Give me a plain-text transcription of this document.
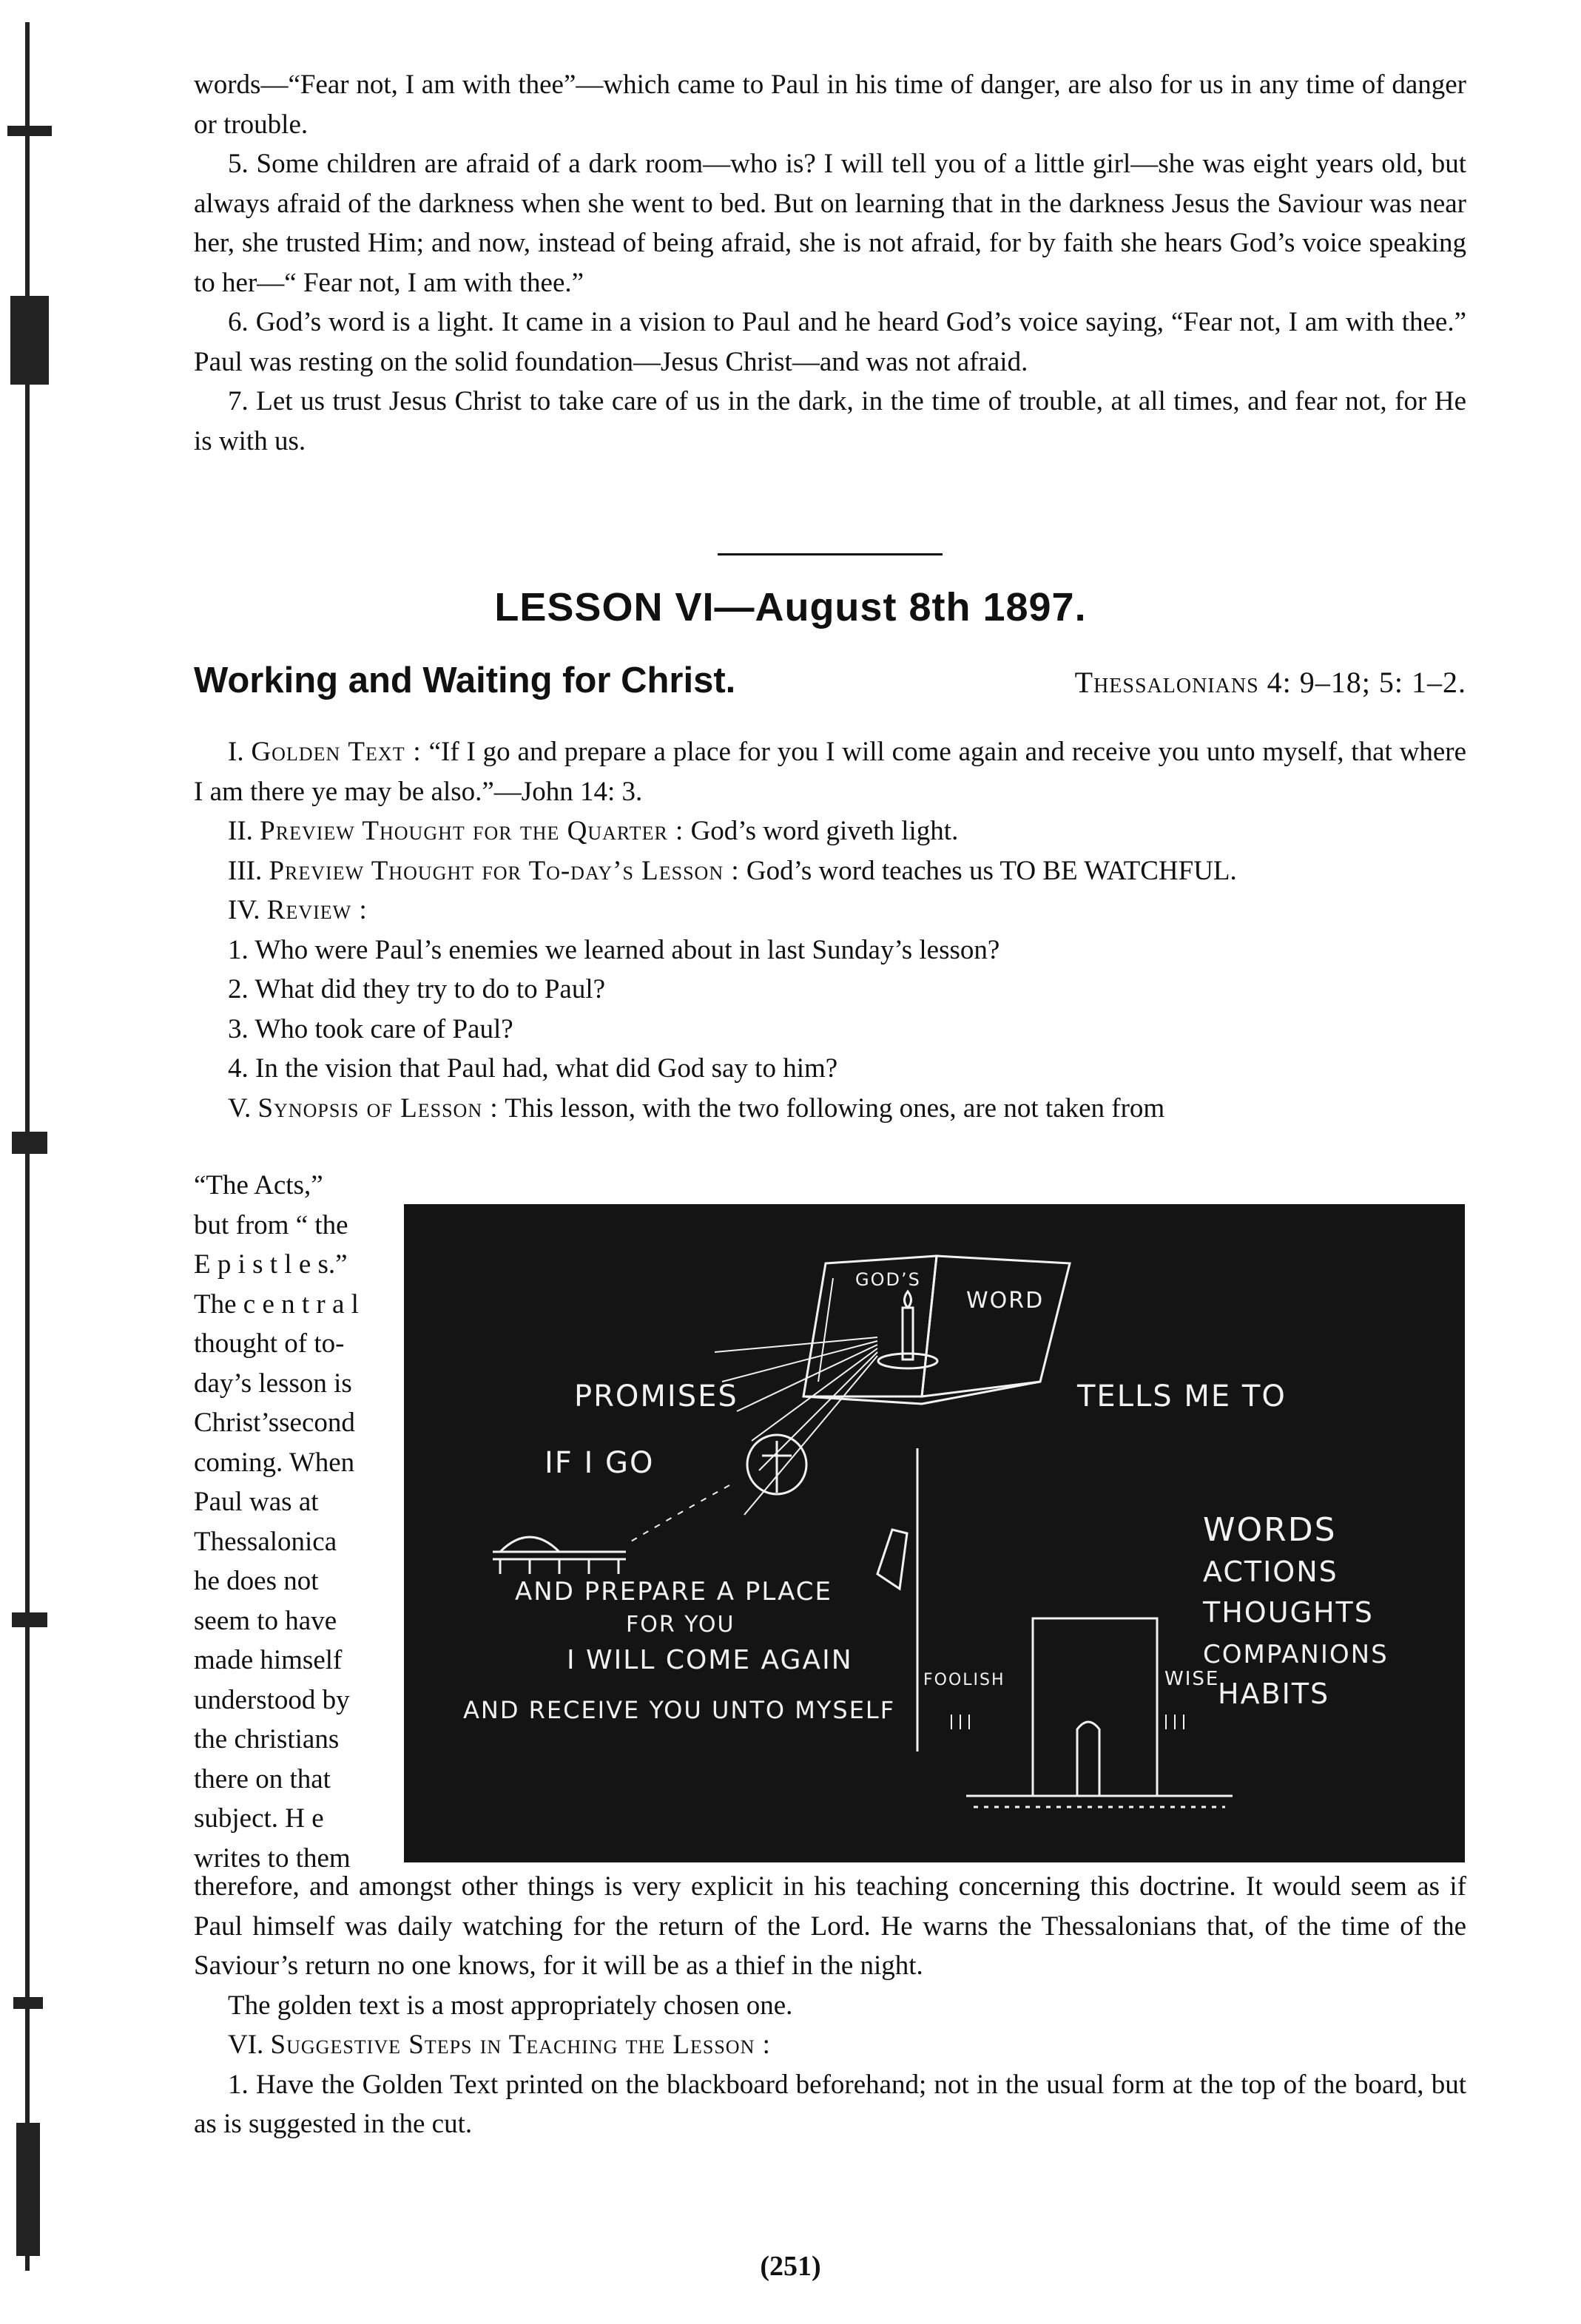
words—“Fear not, I am with thee”—which came to Paul in his time of danger, are also for us in any time of danger or trouble.

5. Some children are afraid of a dark room—who is? I will tell you of a little girl—she was eight years old, but always afraid of the darkness when she went to bed. But on learning that in the darkness Jesus the Saviour was near her, she trusted Him; and now, instead of being afraid, she is not afraid, for by faith she hears God’s voice speaking to her—“ Fear not, I am with thee.”

6. God’s word is a light. It came in a vision to Paul and he heard God’s voice saying, “Fear not, I am with thee.” Paul was resting on the solid foundation—Jesus Christ—and was not afraid.

7. Let us trust Jesus Christ to take care of us in the dark, in the time of trouble, at all times, and fear not, for He is with us.

LESSON VI—August 8th 1897.
Working and Waiting for Christ.	Thessalonians 4: 9–18; 5: 1–2.

I. Golden Text : “If I go and prepare a place for you I will come again and receive you unto myself, that where I am there ye may be also.”—John 14: 3.

II. Preview Thought for the Quarter : God’s word giveth light.

III. Preview Thought for To-day’s Lesson : God’s word teaches us TO BE WATCHFUL.

IV. Review :

1. Who were Paul’s enemies we learned about in last Sunday’s lesson?

2. What did they try to do to Paul?

3. Who took care of Paul?

4. In the vision that Paul had, what did God say to him?

V. Synopsis of Lesson : This lesson, with the two following ones, are not taken from

“The Acts,”
but from “ the
E p i s t l e s.”
The c e n t r a l
thought of to-
day’s lesson is
Christ’ssecond
coming. When
Paul was at
Thessalonica
he does not
seem to have
made himself
understood by
the christians
there on that
subject. H e
writes to them
GOD’S
WORD
PROMISES
IF I GO
AND PREPARE A PLACE
FOR YOU
I WILL COME AGAIN
AND RECEIVE YOU UNTO MYSELF
TELLS ME TO
WORDS
ACTIONS
THOUGHTS
COMPANIONS
HABITS
FOOLISH	WISE

therefore, and amongst other things is very explicit in his teaching concerning this doctrine. It would seem as if Paul himself was daily watching for the return of the Lord. He warns the Thessalonians that, of the time of the Saviour’s return no one knows, for it will be as a thief in the night.

The golden text is a most appropriately chosen one.

VI. Suggestive Steps in Teaching the Lesson :

1. Have the Golden Text printed on the blackboard beforehand; not in the usual form at the top of the board, but as is suggested in the cut.

(251)
